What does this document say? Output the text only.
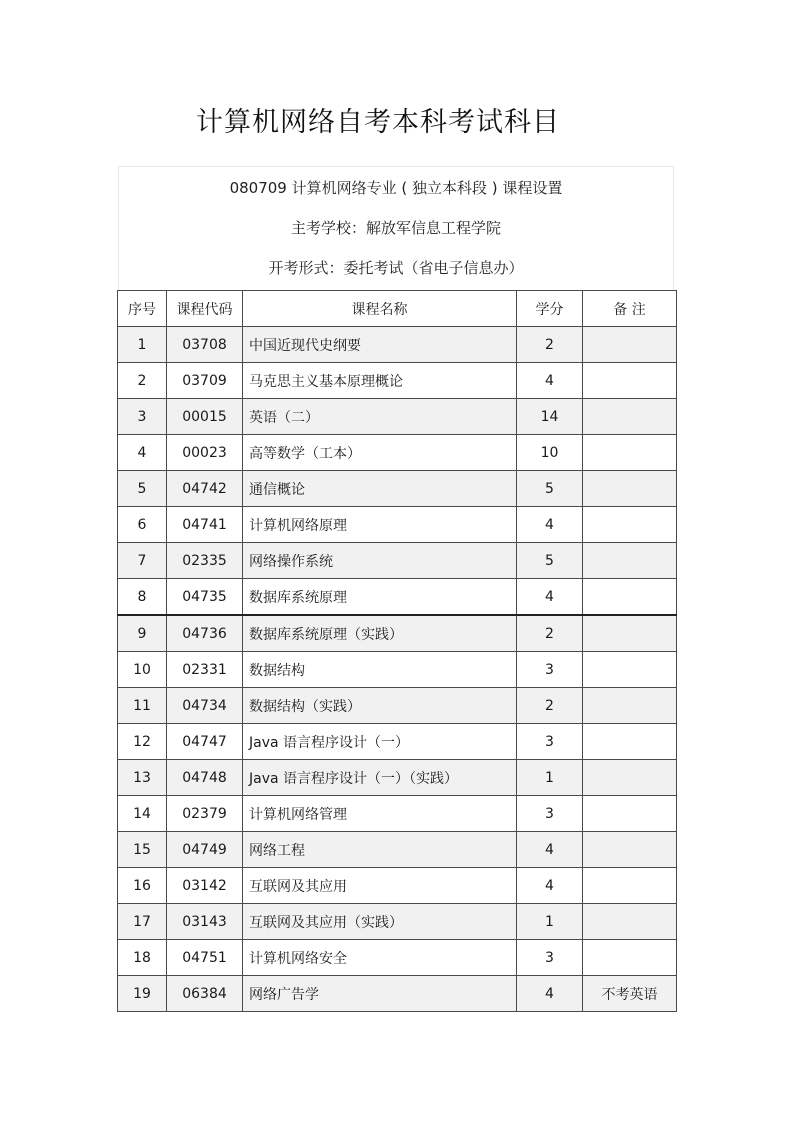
计算机网络自考本科考试科目
080709 计算机网络专业 ( 独立本科段 ) 课程设置
主考学校：解放军信息工程学院
开考形式：委托考试（省电子信息办）
序号	课程代码	课程名称	学分	备 注
1	03708	中国近现代史纲要	2	
2	03709	马克思主义基本原理概论	4	
3	00015	英语（二）	14	
4	00023	高等数学（工本）	10	
5	04742	通信概论	5	
6	04741	计算机网络原理	4	
7	02335	网络操作系统	5	
8	04735	数据库系统原理	4	
9	04736	数据库系统原理（实践）	2	
10	02331	数据结构	3	
11	04734	数据结构（实践）	2	
12	04747	Java 语言程序设计（一）	3	
13	04748	Java 语言程序设计（一）（实践）	1	
14	02379	计算机网络管理	3	
15	04749	网络工程	4	
16	03142	互联网及其应用	4	
17	03143	互联网及其应用（实践）	1	
18	04751	计算机网络安全	3	
19	06384	网络广告学	4	不考英语
